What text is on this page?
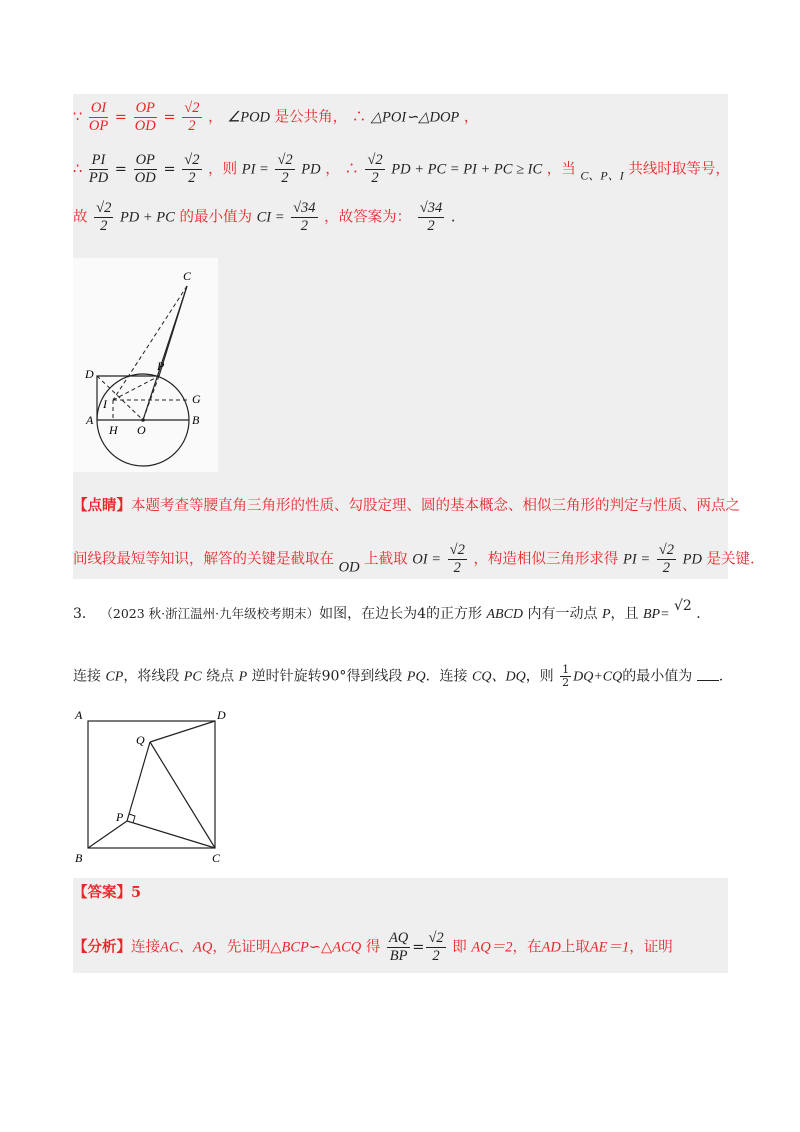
∵ $\frac{OI}{OP} = \frac{OP}{OD} = \frac{√2}{2}$ ， ∠POD 是公共角， ∴ △POI∽△DOP ，
∴ $\frac{PI}{PD} = \frac{OP}{OD} = \frac{√2}{2}$ ，则 PI = $\frac{√2}{2}$ PD ， ∴ $\frac{√2}{2}$ PD + PC = PI + PC ≥ IC ，当 $_{C、P、I}$ 共线时取等号，
故 $\frac{√2}{2}$ PD + PC 的最小值为 CI = $\frac{√34}{2}$ ，故答案为： $\frac{√34}{2}$ .
C
D
P
I	G
A
H O
B
【点睛】本题考查等腰直角三角形的性质、勾股定理、圆的基本概念、相似三角形的判定与性质、两点之
间线段最短等知识，解答的关键是截取在 OD 上截取 OI = $\frac{√2}{2}$ ，构造相似三角形求得 PI = $\frac{√2}{2}$ PD 是关键.
3． （2023 秋·浙江温州·九年级校考期末）如图，在边长为4的正方形 ABCD 内有一动点 P，且 BP= √2 .
连接 CP，将线段 PC 绕点 P 逆时针旋转90°得到线段 PQ．连接 CQ、DQ，则 $\frac{1}{2} DQ+CQ$的最小值为 .
A	D
Q
P
B	C
【答案】5
【分析】连接AC、AQ，先证明△BCP∽△ACQ 得 $\frac{AQ}{BP} = \frac{√2}{2}$ 即 AQ＝2，在AD上取AE＝1，证明
